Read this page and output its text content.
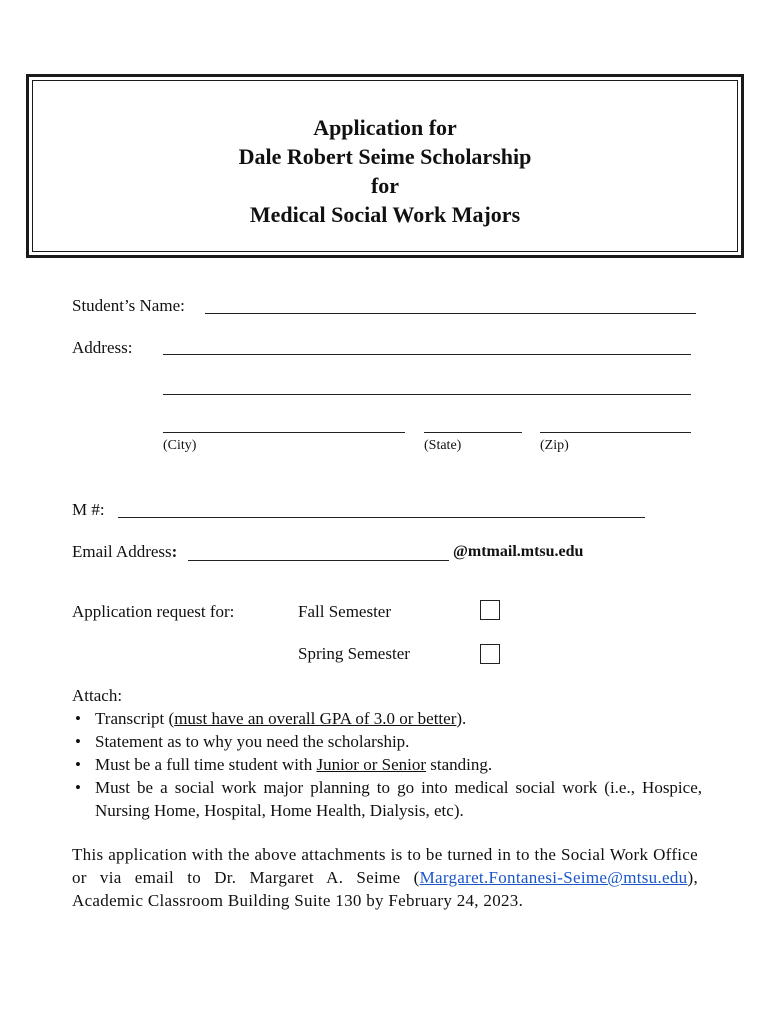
Application for
Dale Robert Seime Scholarship
for
Medical Social Work Majors
Student’s Name:
Address:
(City)	(State)	(Zip)
M #:
Email Address:	@mtmail.mtsu.edu
Application request for:	Fall Semester
Spring Semester

Attach:

• Transcript (must have an overall GPA of 3.0 or better).
• Statement as to why you need the scholarship.
• Must be a full time student with Junior or Senior standing.
• Must be a social work major planning to go into medical social work (i.e., Hospice, Nursing Home, Hospital, Home Health, Dialysis, etc).
This application with the above attachments is to be turned in to the Social Work Office or via email to Dr. Margaret A. Seime (Margaret.Fontanesi-Seime@mtsu.edu), Academic Classroom Building Suite 130 by February 24, 2023.
